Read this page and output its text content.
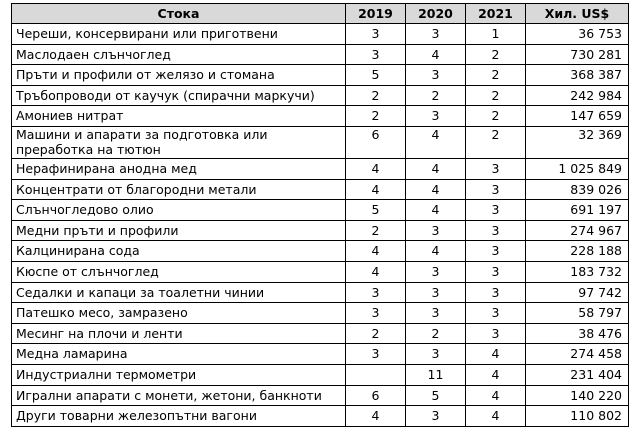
Стока	2019	2020	2021	Хил. US$
Череши, консервирани или приготвени	3	3	1	36 753
Маслодаен слънчоглед	3	4	2	730 281
Пръти и профили от желязо и стомана	5	3	2	368 387
Тръбопроводи от каучук (спирачни маркучи)	2	2	2	242 984
Амониев нитрат	2	3	2	147 659
Машини и апарати за подготовка или преработка на тютюн	6	4	2	32 369
Нерафинирана анодна мед	4	4	3	1 025 849
Концентрати от благородни метали	4	4	3	839 026
Слънчогледово олио	5	4	3	691 197
Медни пръти и профили	2	3	3	274 967
Калцинирана сода	4	4	3	228 188
Кюспе от слънчоглед	4	3	3	183 732
Седалки и капаци за тоалетни чинии	3	3	3	97 742
Патешко месо, замразено	3	3	3	58 797
Месинг на плочи и ленти	2	2	3	38 476
Медна ламарина	3	3	4	274 458
Индустриални термометри		11	4	231 404
Игрални апарати с монети, жетони, банкноти	6	5	4	140 220
Други товарни железопътни вагони	4	3	4	110 802
